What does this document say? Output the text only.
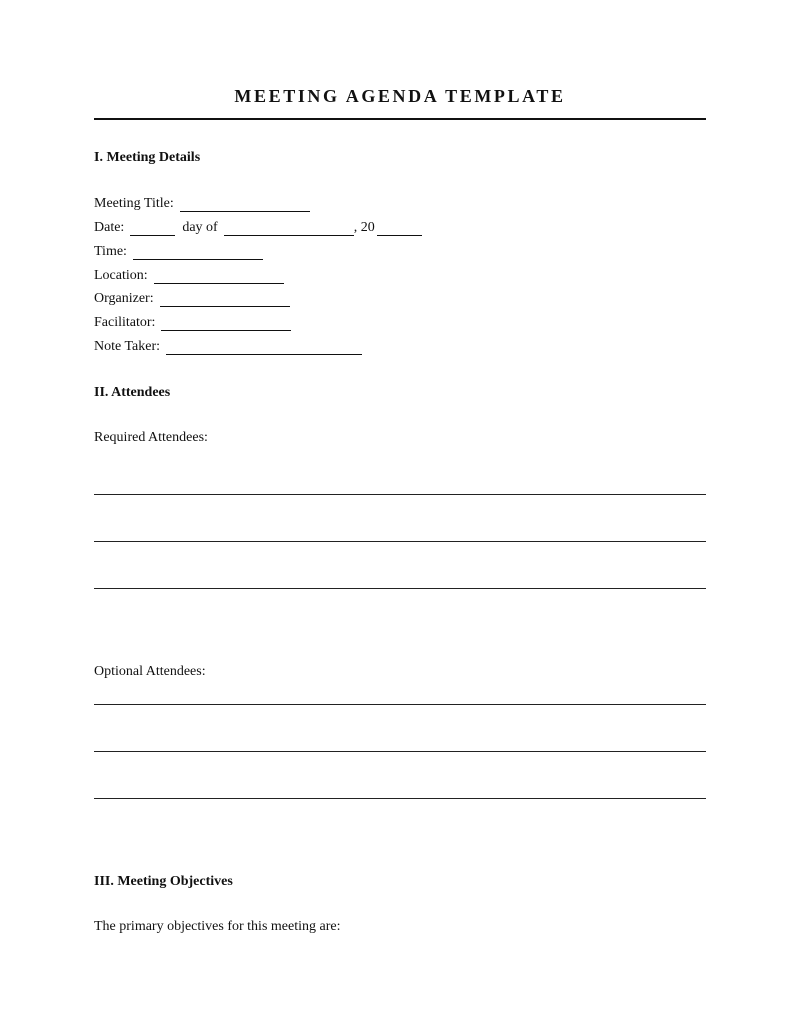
MEETING AGENDA TEMPLATE
I. Meeting Details
Meeting Title:
Date:	day of	, 20
Time:
Location:
Organizer:
Facilitator:
Note Taker:
II. Attendees
Required Attendees:
Optional Attendees:
III. Meeting Objectives
The primary objectives for this meeting are:
